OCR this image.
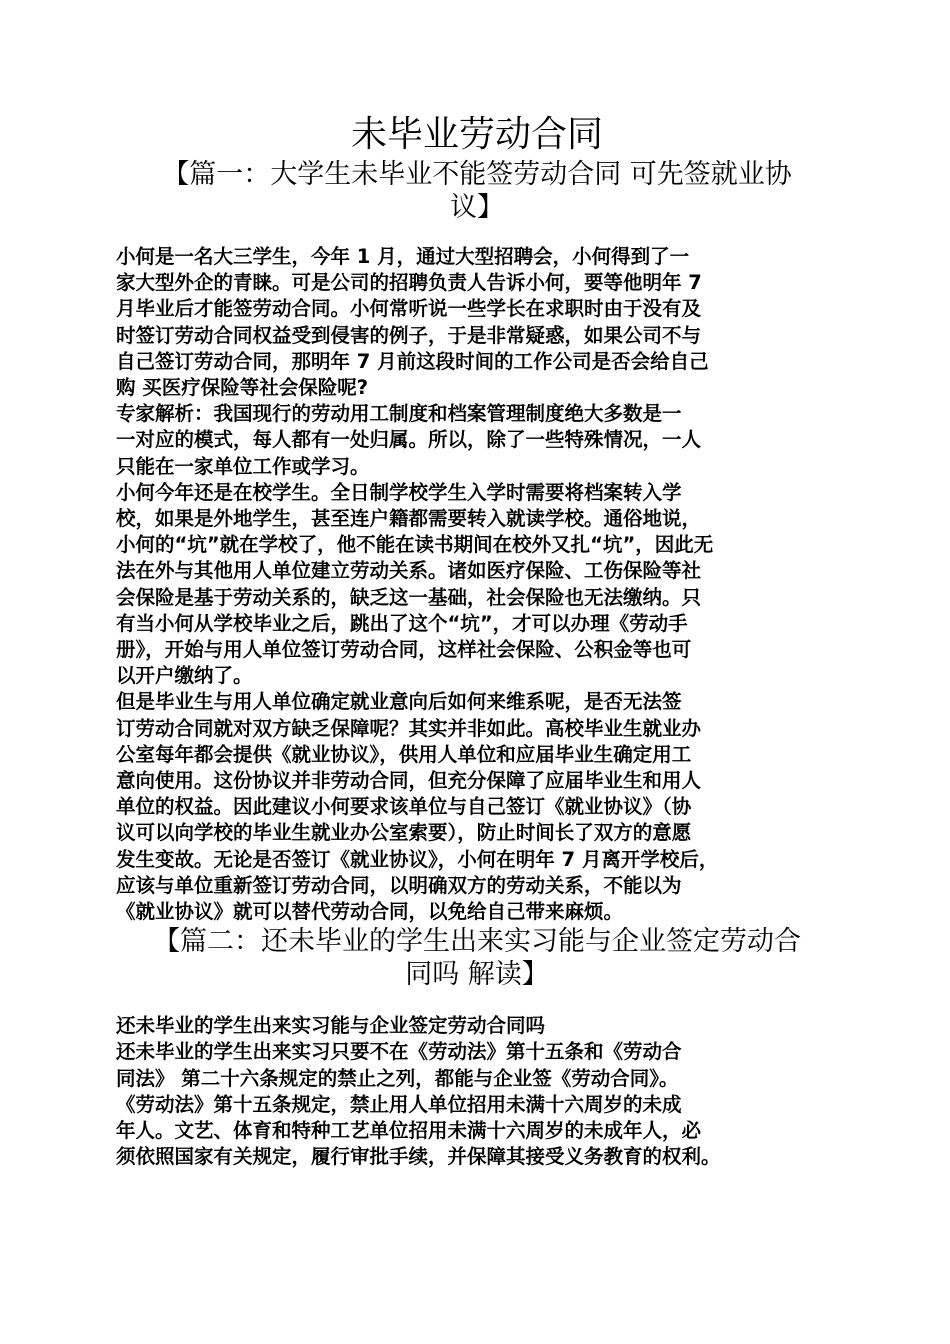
未毕业劳动合同
【篇一：大学生未毕业不能签劳动合同 可先签就业协
议】
小何是一名大三学生，今年 1 月，通过大型招聘会，小何得到了一
家大型外企的青睐。可是公司的招聘负责人告诉小何，要等他明年 7
月毕业后才能签劳动合同。小何常听说一些学长在求职时由于没有及
时签订劳动合同权益受到侵害的例子，于是非常疑惑，如果公司不与
自己签订劳动合同，那明年 7 月前这段时间的工作公司是否会给自己
购 买医疗保险等社会保险呢?
专家解析：我国现行的劳动用工制度和档案管理制度绝大多数是一
一对应的模式，每人都有一处归属。所以，除了一些特殊情况，一人
只能在一家单位工作或学习。
小何今年还是在校学生。全日制学校学生入学时需要将档案转入学
校，如果是外地学生，甚至连户籍都需要转入就读学校。通俗地说，
小何的“坑”就在学校了，他不能在读书期间在校外又扎“坑”，因此无
法在外与其他用人单位建立劳动关系。诸如医疗保险、工伤保险等社
会保险是基于劳动关系的，缺乏这一基础，社会保险也无法缴纳。只
有当小何从学校毕业之后，跳出了这个“坑”，才可以办理《劳动手
册》，开始与用人单位签订劳动合同，这样社会保险、公积金等也可
以开户缴纳了。
但是毕业生与用人单位确定就业意向后如何来维系呢，是否无法签
订劳动合同就对双方缺乏保障呢？其实并非如此。高校毕业生就业办
公室每年都会提供《就业协议》，供用人单位和应届毕业生确定用工
意向使用。这份协议并非劳动合同，但充分保障了应届毕业生和用人
单位的权益。因此建议小何要求该单位与自己签订《就业协议》（协
议可以向学校的毕业生就业办公室索要），防止时间长了双方的意愿
发生变故。无论是否签订《就业协议》，小何在明年 7 月离开学校后，
应该与单位重新签订劳动合同，以明确双方的劳动关系，不能以为
《就业协议》就可以替代劳动合同，以免给自己带来麻烦。
【篇二：还未毕业的学生出来实习能与企业签定劳动合
同吗 解读】
还未毕业的学生出来实习能与企业签定劳动合同吗
还未毕业的学生出来实习只要不在《劳动法》第十五条和《劳动合
同法》 第二十六条规定的禁止之列，都能与企业签《劳动合同》。
《劳动法》第十五条规定，禁止用人单位招用未满十六周岁的未成
年人。文艺、体育和特种工艺单位招用未满十六周岁的未成年人，必
须依照国家有关规定，履行审批手续，并保障其接受义务教育的权利。
